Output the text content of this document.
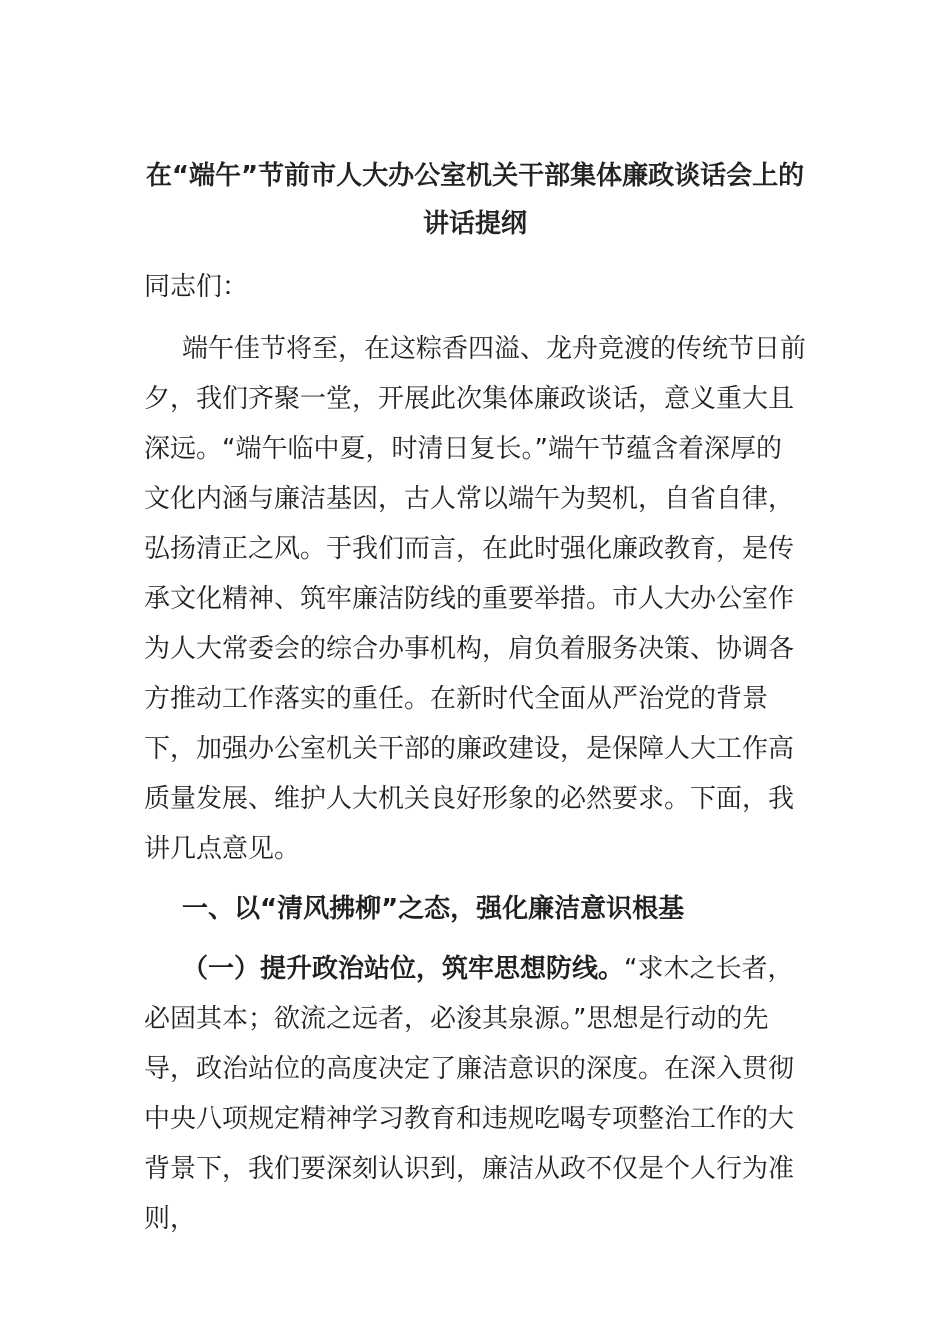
在“端午”节前市人大办公室机关干部集体廉政谈话会上的讲话提纲

同志们：

端午佳节将至，在这粽香四溢、龙舟竞渡的传统节日前夕，我们齐聚一堂，开展此次集体廉政谈话，意义重大且深远。“端午临中夏，时清日复长。”端午节蕴含着深厚的文化内涵与廉洁基因，古人常以端午为契机，自省自律，弘扬清正之风。于我们而言，在此时强化廉政教育，是传承文化精神、筑牢廉洁防线的重要举措。市人大办公室作为人大常委会的综合办事机构，肩负着服务决策、协调各方推动工作落实的重任。在新时代全面从严治党的背景下，加强办公室机关干部的廉政建设，是保障人大工作高质量发展、维护人大机关良好形象的必然要求。下面，我讲几点意见。

一、以“清风拂柳”之态，强化廉洁意识根基

（一）提升政治站位，筑牢思想防线。“求木之长者，必固其本；欲流之远者，必浚其泉源。”思想是行动的先导，政治站位的高度决定了廉洁意识的深度。在深入贯彻中央八项规定精神学习教育和违规吃喝专项整治工作的大背景下，我们要深刻认识到，廉洁从政不仅是个人行为准则，
